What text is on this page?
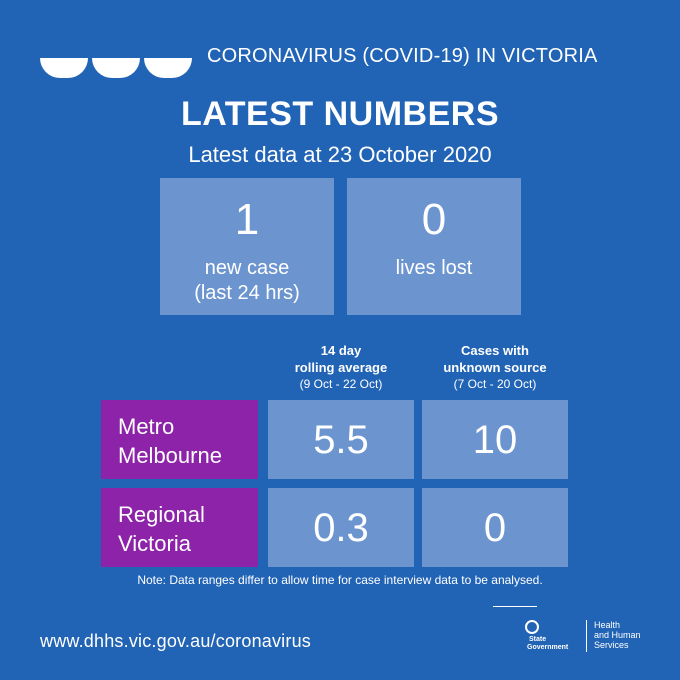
CORONAVIRUS (COVID-19) IN VICTORIA
LATEST NUMBERS
Latest data at 23 October 2020
1
new case
(last 24 hrs)
0
lives lost
14 day
rolling average
(9 Oct - 22 Oct)
Cases with
unknown source
(7 Oct - 20 Oct)
Metro
Melbourne	5.5	10
Regional
Victoria	0.3	0
Note: Data ranges differ to allow time for case interview data to be analysed.
www.dhhs.vic.gov.au/coronavirus	State
Government
Health
and Human
Services
